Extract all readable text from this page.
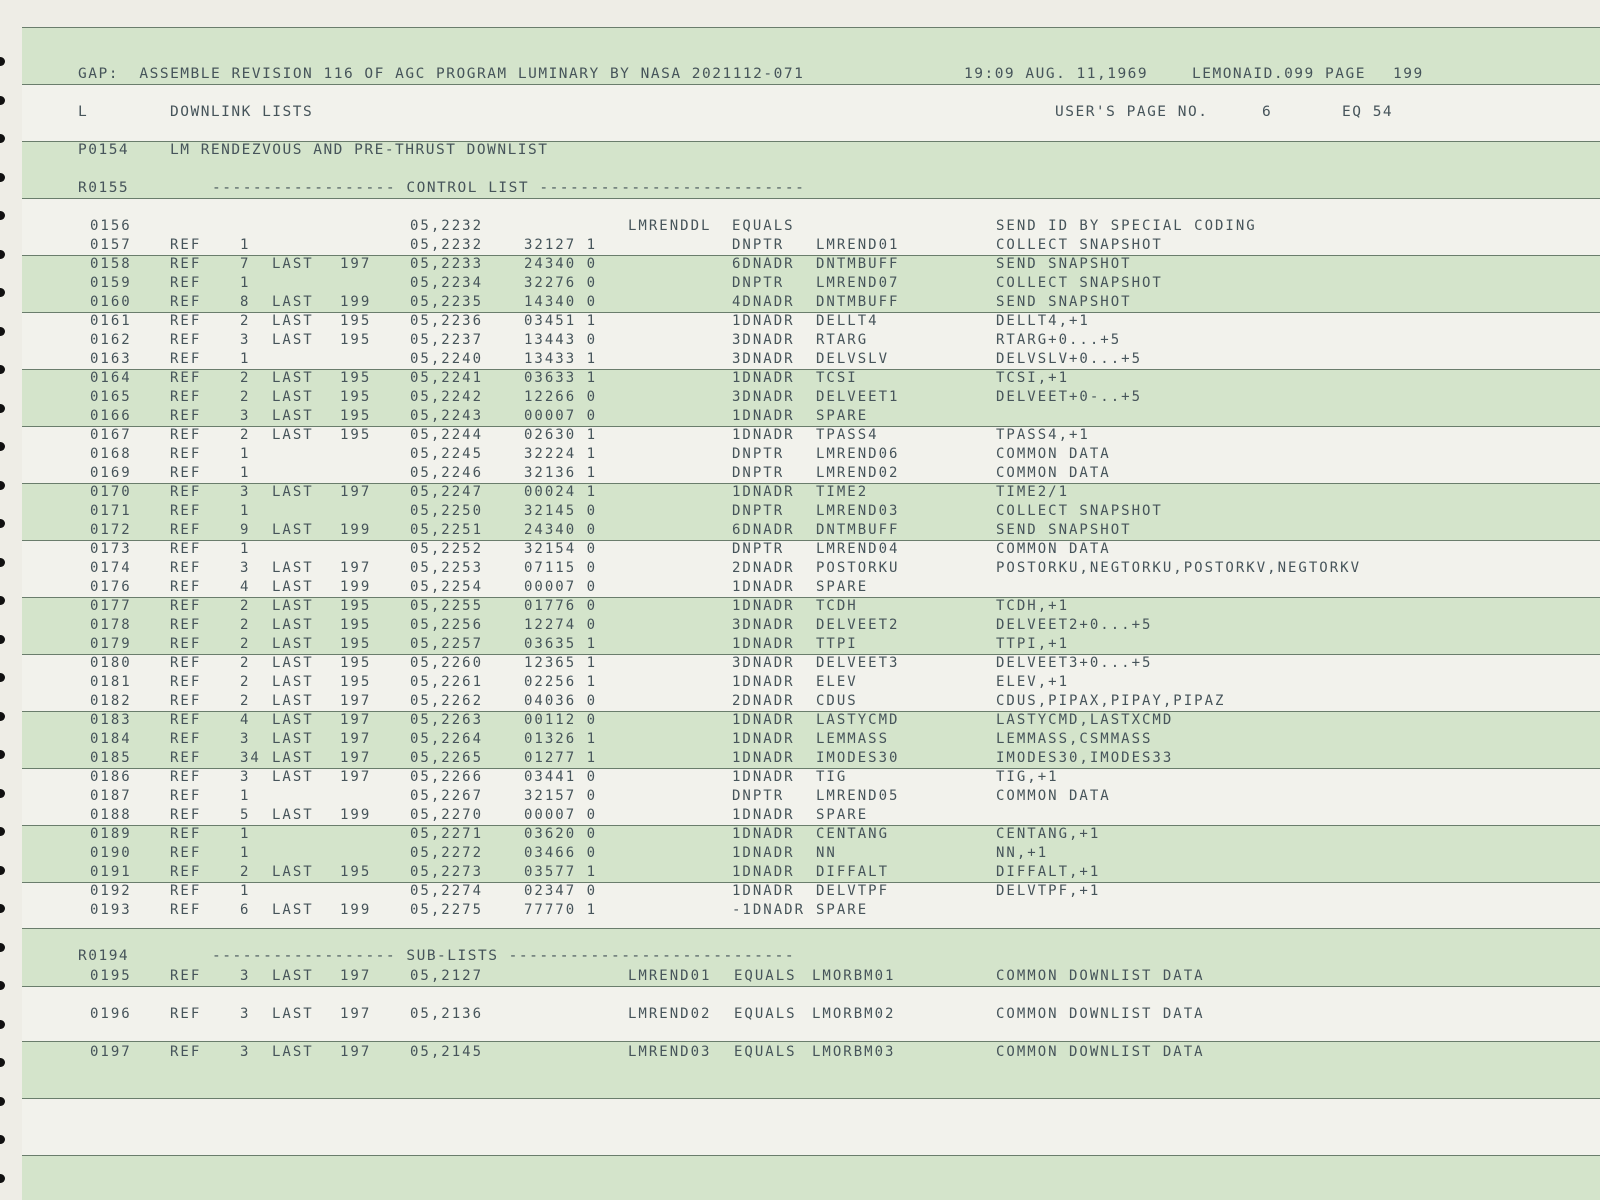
GAP:  ASSEMBLE REVISION 116 OF AGC PROGRAM LUMINARY BY NASA 2021112-071	19:09 AUG. 11,1969	LEMONAID.099 PAGE 199
L	DOWNLINK LISTS	USER'S PAGE NO.	6	EQ 54
P0154	LM RENDEZVOUS AND PRE-THRUST DOWNLIST
R0155	------------------ CONTROL LIST --------------------------
R0194	------------------ SUB-LISTS ----------------------------
0156	05,2232	LMRENDDL EQUALS	SEND ID BY SPECIAL CODING
0157	REF	1	05,2232	32127 1	DNPTR LMREND01	COLLECT SNAPSHOT
0158	REF	7 LAST 197	05,2233	24340 0	6DNADR DNTMBUFF	SEND SNAPSHOT
0159	REF	1	05,2234	32276 0	DNPTR LMREND07	COLLECT SNAPSHOT
0160	REF	8 LAST 199	05,2235	14340 0	4DNADR DNTMBUFF	SEND SNAPSHOT
0161	REF	2 LAST 195	05,2236	03451 1	1DNADR DELLT4	DELLT4,+1
0162	REF	3 LAST 195	05,2237	13443 0	3DNADR RTARG	RTARG+0...+5
0163	REF	1	05,2240	13433 1	3DNADR DELVSLV	DELVSLV+0...+5
0164	REF	2 LAST 195	05,2241	03633 1	1DNADR TCSI	TCSI,+1
0165	REF	2 LAST 195	05,2242	12266 0	3DNADR DELVEET1	DELVEET+0-..+5
0166	REF	3 LAST 195	05,2243	00007 0	1DNADR SPARE
0167	REF	2 LAST 195	05,2244	02630 1	1DNADR TPASS4	TPASS4,+1
0168	REF	1	05,2245	32224 1	DNPTR LMREND06	COMMON DATA
0169	REF	1	05,2246	32136 1	DNPTR LMREND02	COMMON DATA
0170	REF	3 LAST 197	05,2247	00024 1	1DNADR TIME2	TIME2/1
0171	REF	1	05,2250	32145 0	DNPTR LMREND03	COLLECT SNAPSHOT
0172	REF	9 LAST 199	05,2251	24340 0	6DNADR DNTMBUFF	SEND SNAPSHOT
0173	REF	1	05,2252	32154 0	DNPTR LMREND04	COMMON DATA
0174	REF	3 LAST 197	05,2253	07115 0	2DNADR POSTORKU	POSTORKU,NEGTORKU,POSTORKV,NEGTORKV
0176	REF	4 LAST 199	05,2254	00007 0	1DNADR SPARE
0177	REF	2 LAST 195	05,2255	01776 0	1DNADR TCDH	TCDH,+1
0178	REF	2 LAST 195	05,2256	12274 0	3DNADR DELVEET2	DELVEET2+0...+5
0179	REF	2 LAST 195	05,2257	03635 1	1DNADR TTPI	TTPI,+1
0180	REF	2 LAST 195	05,2260	12365 1	3DNADR DELVEET3	DELVEET3+0...+5
0181	REF	2 LAST 195	05,2261	02256 1	1DNADR ELEV	ELEV,+1
0182	REF	2 LAST 197	05,2262	04036 0	2DNADR CDUS	CDUS,PIPAX,PIPAY,PIPAZ
0183	REF	4 LAST 197	05,2263	00112 0	1DNADR LASTYCMD	LASTYCMD,LASTXCMD
0184	REF	3 LAST 197	05,2264	01326 1	1DNADR LEMMASS	LEMMASS,CSMMASS
0185	REF	34 LAST 197	05,2265	01277 1	1DNADR IMODES30	IMODES30,IMODES33
0186	REF	3 LAST 197	05,2266	03441 0	1DNADR TIG	TIG,+1
0187	REF	1	05,2267	32157 0	DNPTR LMREND05	COMMON DATA
0188	REF	5 LAST 199	05,2270	00007 0	1DNADR SPARE
0189	REF	1	05,2271	03620 0	1DNADR CENTANG	CENTANG,+1
0190	REF	1	05,2272	03466 0	1DNADR NN	NN,+1
0191	REF	2 LAST 195	05,2273	03577 1	1DNADR DIFFALT	DIFFALT,+1
0192	REF	1	05,2274	02347 0	1DNADR DELVTPF	DELVTPF,+1
0193	REF	6 LAST 199	05,2275	77770 1	-1DNADR SPARE
0195	REF	3 LAST 197	05,2127	LMREND01 EQUALS LMORBM01	COMMON DOWNLIST DATA
0196	REF	3 LAST 197	05,2136	LMREND02 EQUALS LMORBM02	COMMON DOWNLIST DATA
0197	REF	3 LAST 197	05,2145	LMREND03 EQUALS LMORBM03	COMMON DOWNLIST DATA
